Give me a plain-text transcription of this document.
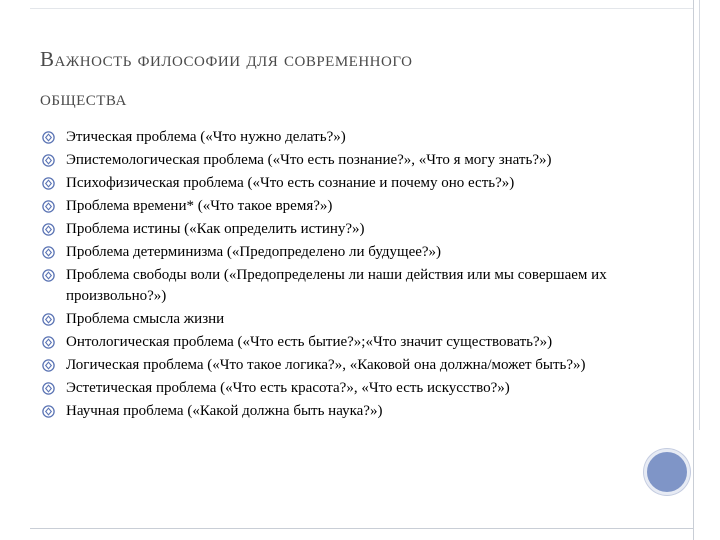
Важность философии для современного
общества
Этическая проблема («Что нужно делать?»)
Эпистемологическая проблема («Что есть познание?», «Что я могу знать?»)
Психофизическая проблема («Что есть сознание и почему оно есть?»)
Проблема времени* («Что такое время?»)
Проблема истины («Как определить истину?»)
Проблема детерминизма («Предопределено ли будущее?»)
Проблема свободы воли («Предопределены ли наши действия или мы совершаем их произвольно?»)
Проблема смысла жизни
Онтологическая проблема («Что есть бытие?»;«Что значит существовать?»)
Логическая проблема («Что такое логика?», «Каковой она должна/может быть?»)
Эстетическая проблема («Что есть красота?», «Что есть искусство?»)
Научная проблема («Какой должна быть наука?»)
